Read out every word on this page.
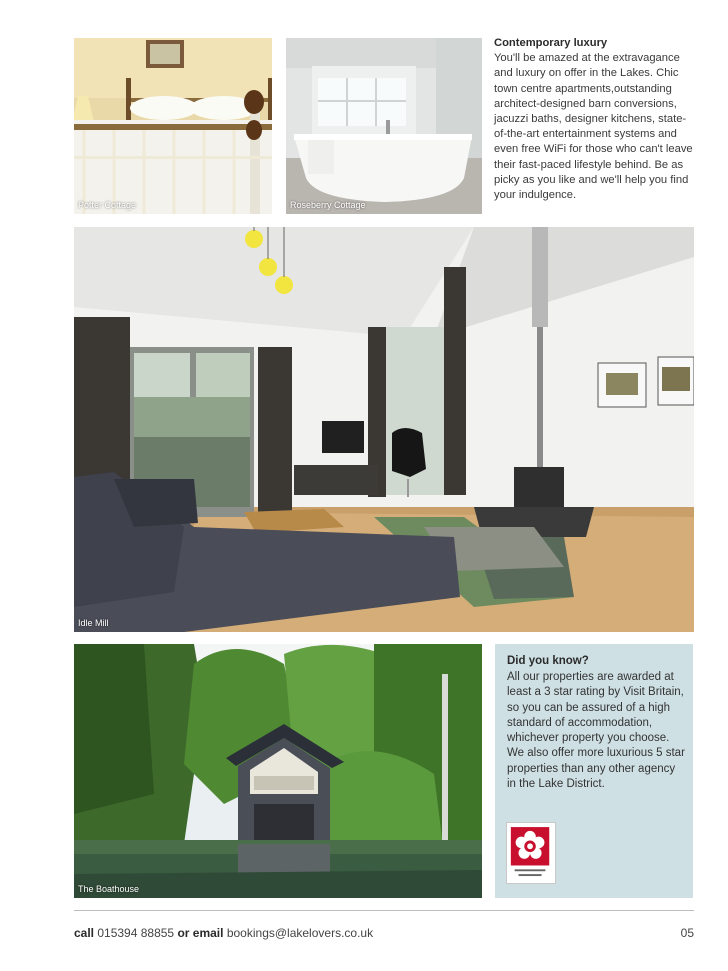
Potter Cottage	Roseberry Cottage

Contemporary luxury

You'll be amazed at the extravagance and luxury on offer in the Lakes. Chic town centre apartments,outstanding architect-designed barn conversions, jacuzzi baths, designer kitchens, state-of-the-art entertainment systems and even free WiFi for those who can't leave their fast-paced lifestyle behind. Be as picky as you like and we'll help you find your indulgence.

Idle Mill
The Boathouse
Did you know?

All our properties are awarded at least a 3 star rating by Visit Britain, so you can be assured of a high standard of accommodation, whichever property you choose. We also offer more luxurious 5 star properties than any other agency in the Lake District.

call 015394 88855 or email bookings@lakelovers.co.uk	05
